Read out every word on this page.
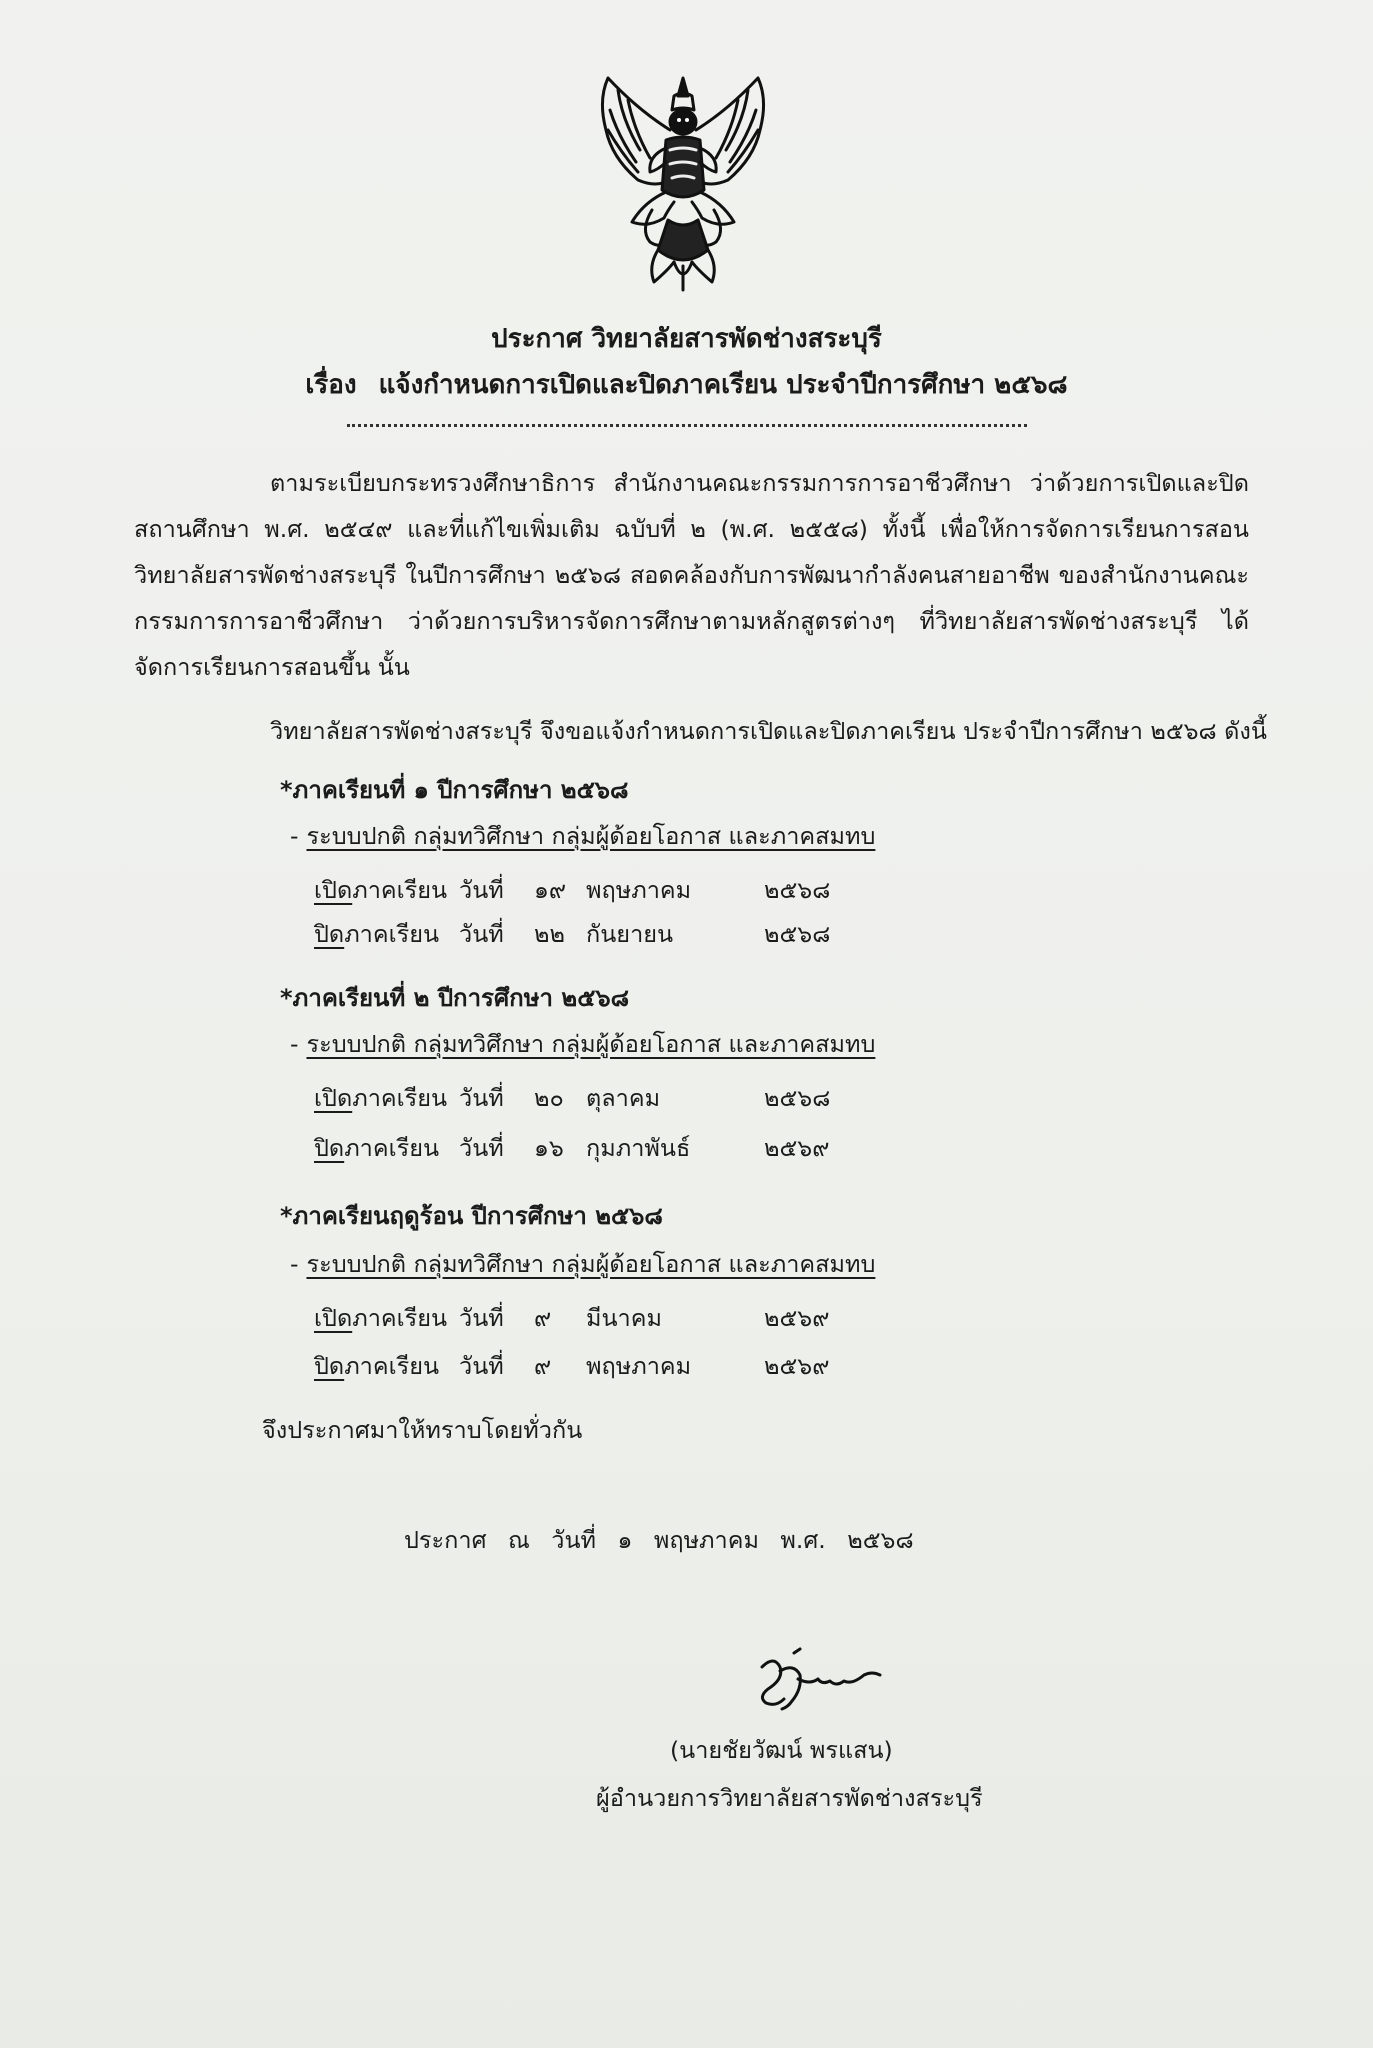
ประกาศ วิทยาลัยสารพัดช่างสระบุรี
เรื่อง แจ้งกำหนดการเปิดและปิดภาคเรียน ประจำปีการศึกษา ๒๕๖๘

ตามระเบียบกระทรวงศึกษาธิการ สำนักงานคณะกรรมการการอาชีวศึกษา ว่าด้วยการเปิดและปิดสถานศึกษา พ.ศ. ๒๕๔๙ และที่แก้ไขเพิ่มเติม ฉบับที่ ๒ (พ.ศ. ๒๕๕๘) ทั้งนี้ เพื่อให้การจัดการเรียนการสอนวิทยาลัยสารพัดช่างสระบุรี ในปีการศึกษา ๒๕๖๘ สอดคล้องกับการพัฒนากำลังคนสายอาชีพ ของสำนักงานคณะกรรมการการอาชีวศึกษา ว่าด้วยการบริหารจัดการศึกษาตามหลักสูตรต่างๆ ที่วิทยาลัยสารพัดช่างสระบุรี ได้จัดการเรียนการสอนขึ้น นั้น

วิทยาลัยสารพัดช่างสระบุรี จึงขอแจ้งกำหนดการเปิดและปิดภาคเรียน ประจำปีการศึกษา ๒๕๖๘ ดังนี้
*ภาคเรียนที่ ๑ ปีการศึกษา ๒๕๖๘
- ระบบปกติ กลุ่มทวิศึกษา กลุ่มผู้ด้อยโอกาส และภาคสมทบ
เปิดภาคเรียน วันที่	๑๙ พฤษภาคม	๒๕๖๘
ปิดภาคเรียน วันที่	๒๒ กันยายน	๒๕๖๘
*ภาคเรียนที่ ๒ ปีการศึกษา ๒๕๖๘
- ระบบปกติ กลุ่มทวิศึกษา กลุ่มผู้ด้อยโอกาส และภาคสมทบ
เปิดภาคเรียน วันที่	๒๐ ตุลาคม	๒๕๖๘
ปิดภาคเรียน วันที่	๑๖ กุมภาพันธ์	๒๕๖๙
*ภาคเรียนฤดูร้อน ปีการศึกษา ๒๕๖๘
- ระบบปกติ กลุ่มทวิศึกษา กลุ่มผู้ด้อยโอกาส และภาคสมทบ
เปิดภาคเรียน วันที่	๙	มีนาคม	๒๕๖๙
ปิดภาคเรียน วันที่	๙	พฤษภาคม	๒๕๖๙
จึงประกาศมาให้ทราบโดยทั่วกัน
ประกาศ ณ วันที่ ๑ พฤษภาคม พ.ศ. ๒๕๖๘
(นายชัยวัฒน์ พรแสน)
ผู้อำนวยการวิทยาลัยสารพัดช่างสระบุรี
